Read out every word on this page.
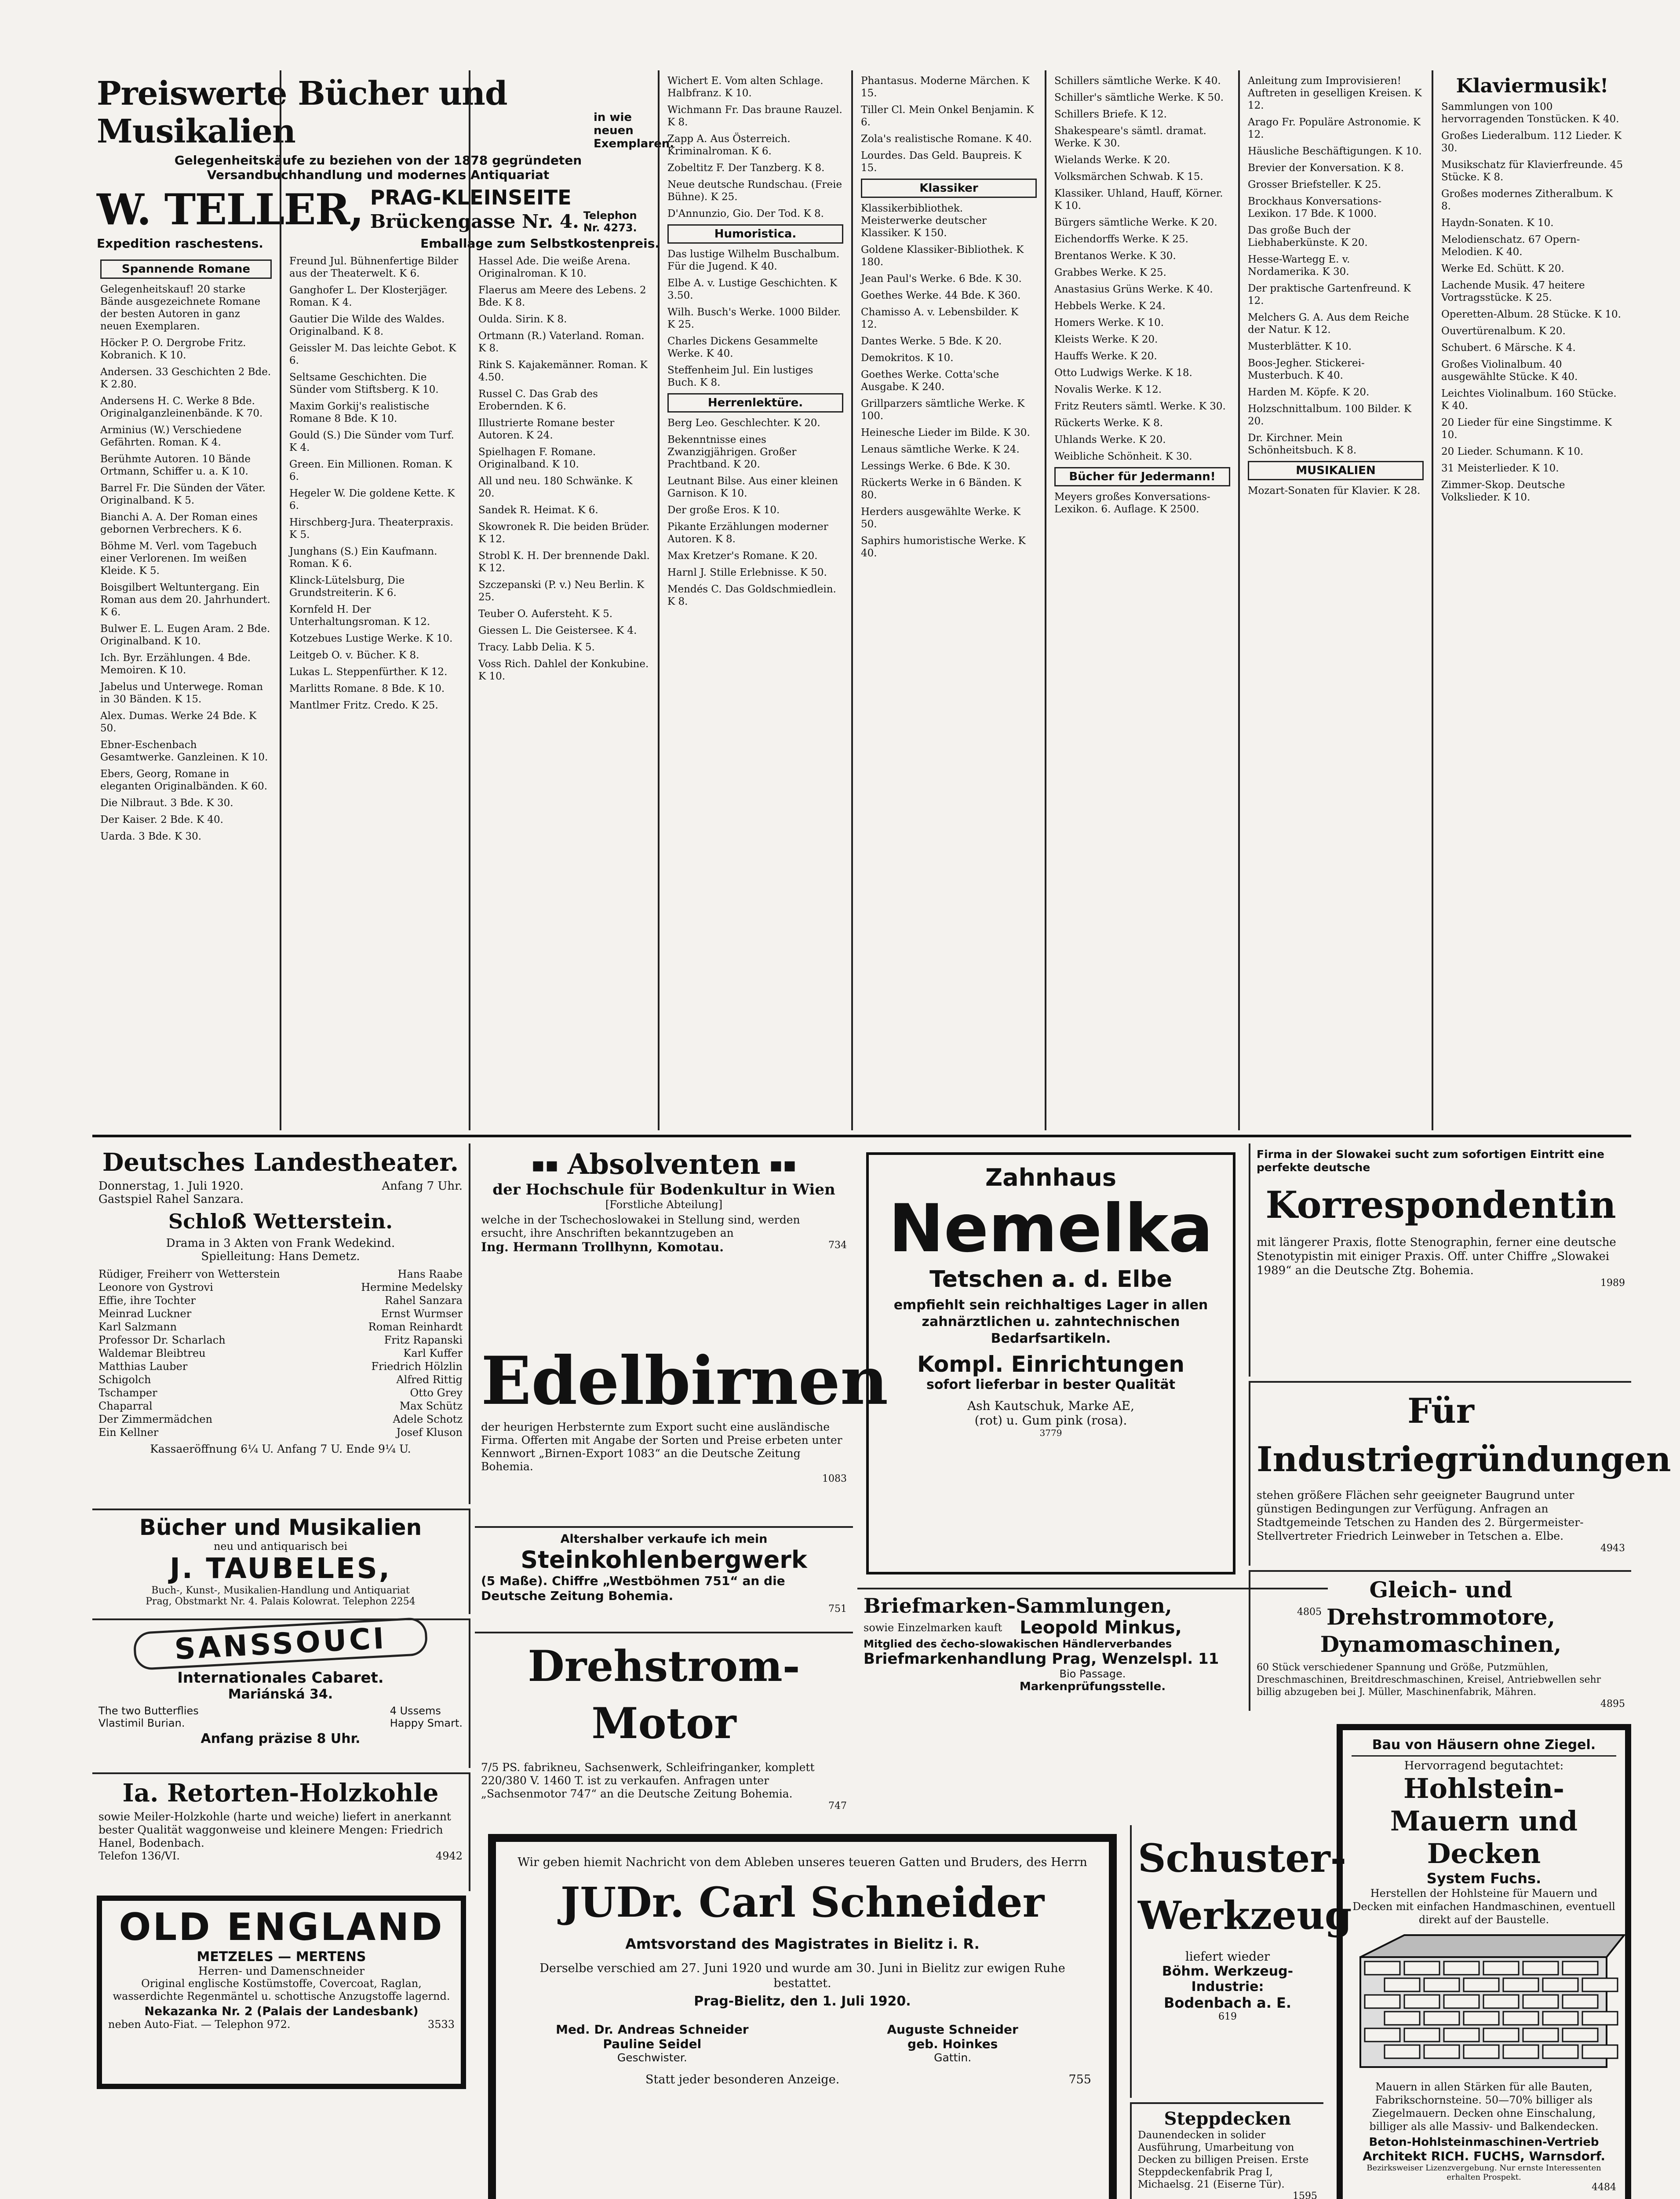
Preiswerte Bücher und Musikalien	in wie neuen Exemplaren.
Gelegenheitskäufe zu beziehen von der 1878 gegründeten
Versandbuchhandlung und modernes Antiquariat
W. TELLER, PRAG-KLEINSEITE
Brückengasse Nr. 4. Telephon Nr. 4273.
Expedition raschestens.	Emballage zum Selbstkostenpreis.
Spannende Romane
Gelegenheitskauf! 20 starke Bände ausgezeichnete Romane der besten Autoren in ganz neuen Exemplaren.
Höcker P. O. Dergrobe Fritz. Kobranich. K 10.
Andersen. 33 Geschichten 2 Bde. K 2.80.
Andersens H. C. Werke 8 Bde. Originalganzleinenbände. K 70.
Arminius (W.) Verschiedene Gefährten. Roman. K 4.
Berühmte Autoren. 10 Bände Ortmann, Schiffer u. a. K 10.
Barrel Fr. Die Sünden der Väter. Originalband. K 5.
Bianchi A. A. Der Roman eines gebornen Verbrechers. K 6.
Böhme M. Verl. vom Tagebuch einer Verlorenen. Im weißen Kleide. K 5.
Boisgilbert Weltuntergang. Ein Roman aus dem 20. Jahrhundert. K 6.
Bulwer E. L. Eugen Aram. 2 Bde. Originalband. K 10.
Ich. Byr. Erzählungen. 4 Bde. Memoiren. K 10.
Jabelus und Unterwege. Roman in 30 Bänden. K 15.
Alex. Dumas. Werke 24 Bde. K 50.
Ebner-Eschenbach Gesamtwerke. Ganzleinen. K 10.
Ebers, Georg, Romane in eleganten Originalbänden. K 60.
Die Nilbraut. 3 Bde. K 30.
Der Kaiser. 2 Bde. K 40.
Uarda. 3 Bde. K 30.
Freund Jul. Bühnenfertige Bilder aus der Theaterwelt. K 6.
Ganghofer L. Der Klosterjäger. Roman. K 4.
Gautier Die Wilde des Waldes. Originalband. K 8.
Geissler M. Das leichte Gebot. K 6.
Seltsame Geschichten. Die Sünder vom Stiftsberg. K 10.
Maxim Gorkij's realistische Romane 8 Bde. K 10.
Gould (S.) Die Sünder vom Turf. K 4.
Green. Ein Millionen. Roman. K 6.
Hegeler W. Die goldene Kette. K 6.
Hirschberg-Jura. Theaterpraxis. K 5.
Junghans (S.) Ein Kaufmann. Roman. K 6.
Klinck-Lütelsburg, Die Grundstreiterin. K 6.
Kornfeld H. Der Unterhaltungsroman. K 12.
Kotzebues Lustige Werke. K 10.
Leitgeb O. v. Bücher. K 8.
Lukas L. Steppenfürther. K 12.
Marlitts Romane. 8 Bde. K 10.
Mantlmer Fritz. Credo. K 25.
Hassel Ade. Die weiße Arena. Originalroman. K 10.
Flaerus am Meere des Lebens. 2 Bde. K 8.
Oulda. Sirin. K 8.
Ortmann (R.) Vaterland. Roman. K 8.
Rink S. Kajakemänner. Roman. K 4.50.
Russel C. Das Grab des Erobernden. K 6.
Illustrierte Romane bester Autoren. K 24.
Spielhagen F. Romane. Originalband. K 10.
All und neu. 180 Schwänke. K 20.
Sandek R. Heimat. K 6.
Skowronek R. Die beiden Brüder. K 12.
Strobl K. H. Der brennende Dakl. K 12.
Szczepanski (P. v.) Neu Berlin. K 25.
Teuber O. Aufersteht. K 5.
Giessen L. Die Geistersee. K 4.
Tracy. Labb Delia. K 5.
Voss Rich. Dahlel der Konkubine. K 10.
Wichert E. Vom alten Schlage. Halbfranz. K 10.
Wichmann Fr. Das braune Rauzel. K 8.
Zapp A. Aus Österreich. Kriminalroman. K 6.
Zobeltitz F. Der Tanzberg. K 8.
Neue deutsche Rundschau. (Freie Bühne). K 25.
D'Annunzio, Gio. Der Tod. K 8.
Humoristica.
Das lustige Wilhelm Buschalbum. Für die Jugend. K 40.
Elbe A. v. Lustige Geschichten. K 3.50.
Wilh. Busch's Werke. 1000 Bilder. K 25.
Charles Dickens Gesammelte Werke. K 40.
Steffenheim Jul. Ein lustiges Buch. K 8.
Herrenlektüre.
Berg Leo. Geschlechter. K 20.
Bekenntnisse eines Zwanzigjährigen. Großer Prachtband. K 20.
Leutnant Bilse. Aus einer kleinen Garnison. K 10.
Der große Eros. K 10.
Pikante Erzählungen moderner Autoren. K 8.
Max Kretzer's Romane. K 20.
Harnl J. Stille Erlebnisse. K 50.
Mendés C. Das Goldschmiedlein. K 8.
Phantasus. Moderne Märchen. K 15.
Tiller Cl. Mein Onkel Benjamin. K 6.
Zola's realistische Romane. K 40.
Lourdes. Das Geld. Baupreis. K 15.
Klassiker
Klassikerbibliothek. Meisterwerke deutscher Klassiker. K 150.
Goldene Klassiker-Bibliothek. K 180.
Jean Paul's Werke. 6 Bde. K 30.
Goethes Werke. 44 Bde. K 360.
Chamisso A. v. Lebensbilder. K 12.
Dantes Werke. 5 Bde. K 20.
Demokritos. K 10.
Goethes Werke. Cotta'sche Ausgabe. K 240.
Grillparzers sämtliche Werke. K 100.
Heinesche Lieder im Bilde. K 30.
Lenaus sämtliche Werke. K 24.
Lessings Werke. 6 Bde. K 30.
Rückerts Werke in 6 Bänden. K 80.
Herders ausgewählte Werke. K 50.
Saphirs humoristische Werke. K 40.
Schillers sämtliche Werke. K 40.
Schiller's sämtliche Werke. K 50.
Schillers Briefe. K 12.
Shakespeare's sämtl. dramat. Werke. K 30.
Wielands Werke. K 20.
Volksmärchen Schwab. K 15.
Klassiker. Uhland, Hauff, Körner. K 10.
Bürgers sämtliche Werke. K 20.
Eichendorffs Werke. K 25.
Brentanos Werke. K 30.
Grabbes Werke. K 25.
Anastasius Grüns Werke. K 40.
Hebbels Werke. K 24.
Homers Werke. K 10.
Kleists Werke. K 20.
Hauffs Werke. K 20.
Otto Ludwigs Werke. K 18.
Novalis Werke. K 12.
Fritz Reuters sämtl. Werke. K 30.
Rückerts Werke. K 8.
Uhlands Werke. K 20.
Weibliche Schönheit. K 30.
Bücher für Jedermann!
Meyers großes Konversations-Lexikon. 6. Auflage. K 2500.
Anleitung zum Improvisieren! Auftreten in geselligen Kreisen. K 12.
Arago Fr. Populäre Astronomie. K 12.
Häusliche Beschäftigungen. K 10.
Brevier der Konversation. K 8.
Grosser Briefsteller. K 25.
Brockhaus Konversations-Lexikon. 17 Bde. K 1000.
Das große Buch der Liebhaberkünste. K 20.
Hesse-Wartegg E. v. Nordamerika. K 30.
Der praktische Gartenfreund. K 12.
Melchers G. A. Aus dem Reiche der Natur. K 12.
Musterblätter. K 10.
Boos-Jegher. Stickerei-Musterbuch. K 40.
Harden M. Köpfe. K 20.
Holzschnittalbum. 100 Bilder. K 20.
Dr. Kirchner. Mein Schönheitsbuch. K 8.
MUSIKALIEN
Mozart-Sonaten für Klavier. K 28.
Klaviermusik!
Sammlungen von 100 hervorragenden Tonstücken. K 40.
Großes Liederalbum. 112 Lieder. K 30.
Musikschatz für Klavierfreunde. 45 Stücke. K 8.
Großes modernes Zitheralbum. K 8.
Haydn-Sonaten. K 10.
Melodienschatz. 67 Opern-Melodien. K 40.
Werke Ed. Schütt. K 20.
Lachende Musik. 47 heitere Vortragsstücke. K 25.
Operetten-Album. 28 Stücke. K 10.
Ouvertürenalbum. K 20.
Schubert. 6 Märsche. K 4.
Großes Violinalbum. 40 ausgewählte Stücke. K 40.
Leichtes Violinalbum. 160 Stücke. K 40.
20 Lieder für eine Singstimme. K 10.
20 Lieder. Schumann. K 10.
31 Meisterlieder. K 10.
Zimmer-Skop. Deutsche Volkslieder. K 10.
Deutsches Landestheater.
Donnerstag, 1. Juli 1920.	Anfang 7 Uhr.
Gastspiel Rahel Sanzara.
Schloß Wetterstein.
Drama in 3 Akten von Frank Wedekind.
Spielleitung: Hans Demetz.
Rüdiger, Freiherr von Wetterstein	Hans Raabe
Leonore von Gystrovi	Hermine Medelsky
Effie, ihre Tochter	Rahel Sanzara
Meinrad Luckner	Ernst Wurmser
Karl Salzmann	Roman Reinhardt
Professor Dr. Scharlach	Fritz Rapanski
Waldemar Bleibtreu	Karl Kuffer
Matthias Lauber	Friedrich Hölzlin
Schigolch	Alfred Rittig
Tschamper	Otto Grey
Chaparral	Max Schütz
Der Zimmermädchen	Adele Schotz
Ein Kellner	Josef Kluson
Kassaeröffnung 6¼ U. Anfang 7 U. Ende 9¼ U.
Bücher und Musikalien
neu und antiquarisch bei
J. TAUBELES,
Buch-, Kunst-, Musikalien-Handlung und Antiquariat
Prag, Obstmarkt Nr. 4. Palais Kolowrat. Telephon 2254
SANSSOUCI
Internationales Cabaret.
Mariánská 34.
The two Butterflies
Vlastimil Burian.
4 Ussems
Happy Smart.
Anfang präzise 8 Uhr.
Ia. Retorten-Holzkohle
sowie Meiler-Holzkohle (harte und weiche) liefert in anerkannt bester Qualität waggonweise und kleinere Mengen: Friedrich Hanel, Bodenbach.
Telefon 136/VI.	4942
OLD ENGLAND
METZELES — MERTENS
Herren- und Damenschneider
Original englische Kostümstoffe, Covercoat, Raglan, wasserdichte Regenmäntel u. schottische Anzugstoffe lagernd.
Nekazanka Nr. 2 (Palais der Landesbank)
neben Auto-Fiat. — Telephon 972.	3533
▪▪ Absolventen ▪▪
der Hochschule für Bodenkultur in Wien
[Forstliche Abteilung]
welche in der Tschechoslowakei in Stellung sind, werden ersucht, ihre Anschriften bekanntzugeben an
Ing. Hermann Trollhynn, Komotau.	734
Edelbirnen
der heurigen Herbsternte zum Export sucht eine ausländische Firma. Offerten mit Angabe der Sorten und Preise erbeten unter Kennwort „Birnen-Export 1083“ an die Deutsche Zeitung Bohemia.
1083
Altershalber verkaufe ich mein
Steinkohlenbergwerk
(5 Maße). Chiffre „Westböhmen 751“ an die Deutsche Zeitung Bohemia.
751
Drehstrom-Motor
7/5 PS. fabrikneu, Sachsenwerk, Schleifringanker, komplett 220/380 V. 1460 T. ist zu verkaufen. Anfragen unter „Sachsenmotor 747“ an die Deutsche Zeitung Bohemia.
747
Zahnhaus
Nemelka
Tetschen a. d. Elbe
empfiehlt sein reichhaltiges Lager in allen zahnärztlichen u. zahntechnischen Bedarfsartikeln.
Kompl. Einrichtungen
sofort lieferbar in bester Qualität
Ash Kautschuk, Marke AE,
(rot) u. Gum pink (rosa).
3779
Briefmarken-Sammlungen,	4805
sowie Einzelmarken kauft Leopold Minkus,
Mitglied des čecho-slowakischen Händlerverbandes
Briefmarkenhandlung Prag, Wenzelspl. 11
Bio Passage.
Markenprüfungsstelle.
Firma in der Slowakei sucht zum sofortigen Eintritt eine perfekte deutsche
Korrespondentin
mit längerer Praxis, flotte Stenographin, ferner eine deutsche Stenotypistin mit einiger Praxis. Off. unter Chiffre „Slowakei 1989“ an die Deutsche Ztg. Bohemia.
1989
Für Industriegründungen
stehen größere Flächen sehr geeigneter Baugrund unter günstigen Bedingungen zur Verfügung. Anfragen an Stadtgemeinde Tetschen zu Handen des 2. Bürgermeister-Stellvertreter Friedrich Leinweber in Tetschen a. Elbe.
4943
Gleich- und Drehstrommotore, Dynamomaschinen,
60 Stück verschiedener Spannung und Größe, Putzmühlen, Dreschmaschinen, Breitdreschmaschinen, Kreisel, Antriebwellen sehr billig abzugeben bei J. Müller, Maschinenfabrik, Mähren.
4895
Wir geben hiemit Nachricht von dem Ableben unseres teueren Gatten und Bruders, des Herrn
JUDr. Carl Schneider
Amtsvorstand des Magistrates in Bielitz i. R.
Derselbe verschied am 27. Juni 1920 und wurde am 30. Juni in Bielitz zur ewigen Ruhe bestattet.
Prag-Bielitz, den 1. Juli 1920.
Med. Dr. Andreas Schneider
Pauline Seidel
Geschwister.
Auguste Schneider
geb. Hoinkes
Gattin.
Statt jeder besonderen Anzeige.	755
Schuster-
Werkzeug
liefert wieder
Böhm. Werkzeug-Industrie:
Bodenbach a. E.
619
Steppdecken
Daunendecken in solider Ausführung, Umarbeitung von Decken zu billigen Preisen. Erste Steppdeckenfabrik Prag I, Michaelsg. 21 (Eiserne Tür).
1595
Bau von Häusern ohne Ziegel.
Hervorragend begutachtet:
Hohlstein-Mauern und Decken
System Fuchs.
Herstellen der Hohlsteine für Mauern und Decken mit einfachen Handmaschinen, eventuell direkt auf der Baustelle.
Mauern in allen Stärken für alle Bauten, Fabrikschornsteine. 50—70% billiger als Ziegelmauern. Decken ohne Einschalung, billiger als alle Massiv- und Balkendecken.
Beton-Hohlsteinmaschinen-Vertrieb
Architekt RICH. FUCHS, Warnsdorf.
Bezirksweiser Lizenzvergebung. Nur ernste Interessenten erhalten Prospekt.
4484
